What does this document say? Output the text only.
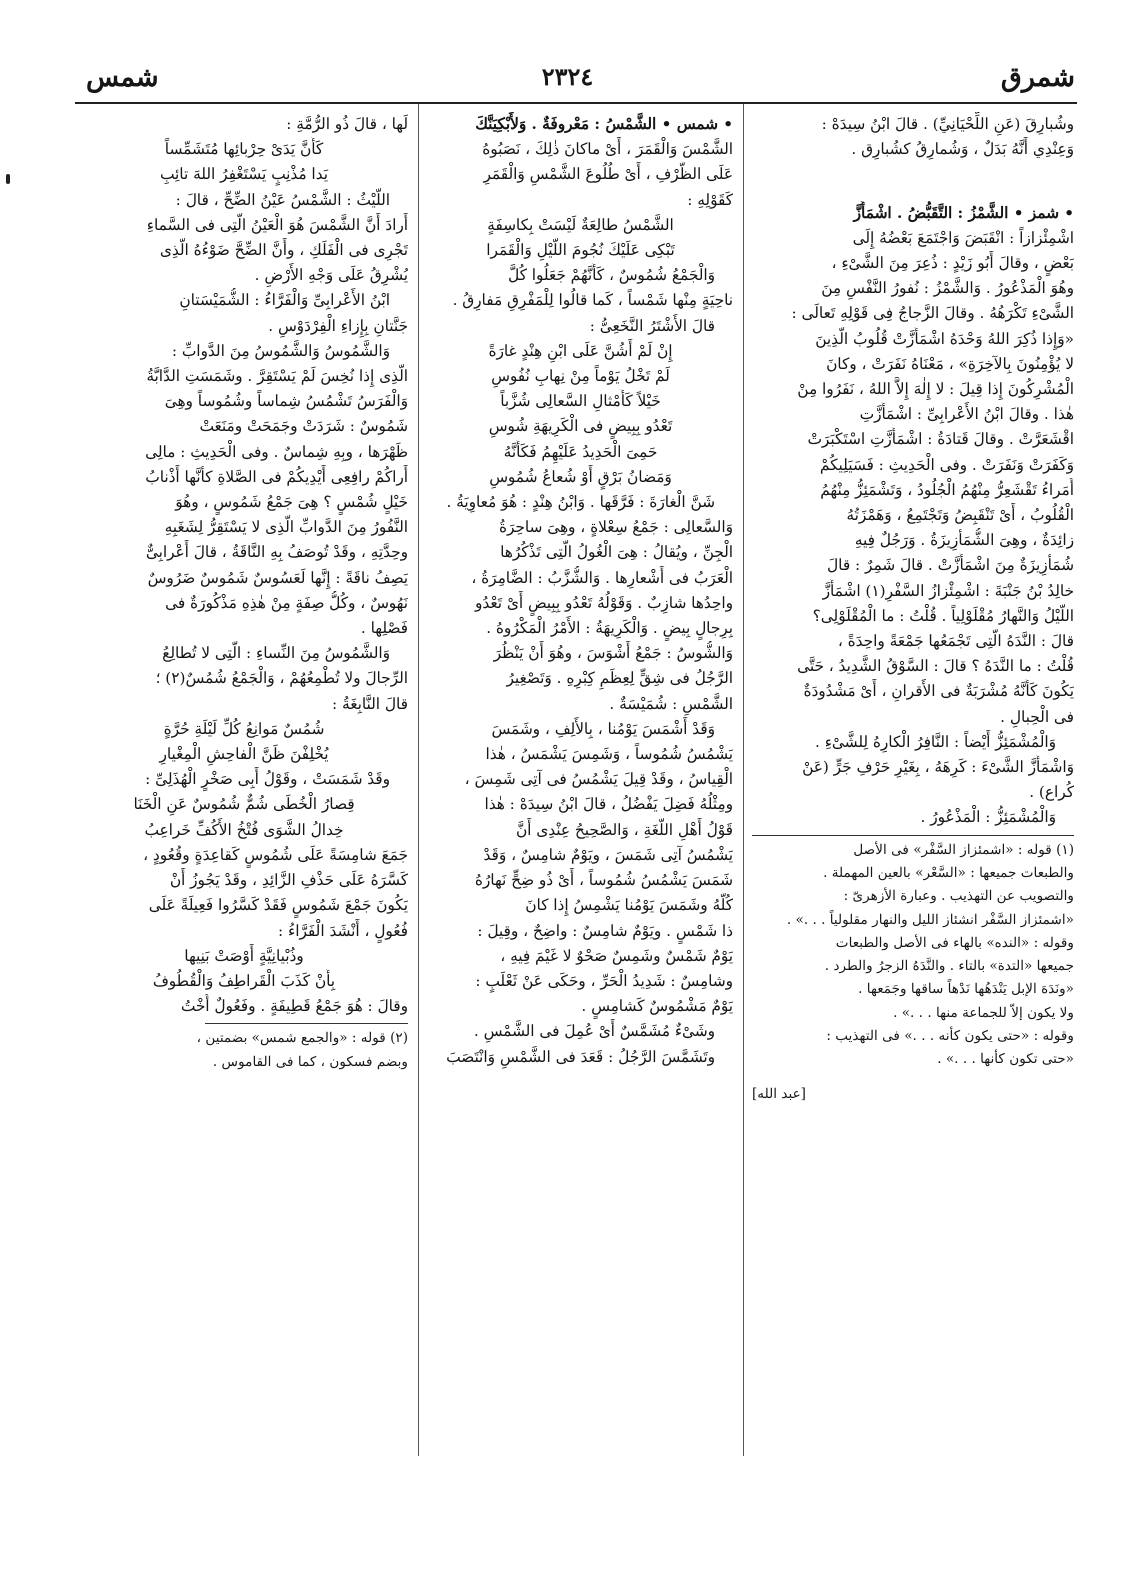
شمرق
٢٣٢٤
شمس

وشُبارِقَ (عَنِ اللِّحْيَانِيِّ) . قالَ ابْنُ سِيدَهْ :

وَعِنْدِي أَنَّهُ بَدَلٌ ، وَشُمارِقُ كشُبارِق .

• شمز • الشَّمْزُ : التَّقَبُّضُ . اشْمَأَزَّ

اشْمِئْزازاً : انْقَبَضَ وَاجْتَمَعَ بَعْضُهُ إِلَى

بَعْضٍ ، وقالَ أَبُو زَيْدٍ : ذُعِرَ مِنَ الشَّىْءِ ،

وهُوَ الْمَذْعُورُ . وَالشَّمْزُ : نُفورُ النَّفْسِ مِنَ

الشَّىْءِ تَكْرَهُهُ . وقالَ الزَّجاجُ فِى قَوْلِهِ تَعالَى :

«وَإِذا ذُكِرَ اللهُ وَحْدَهُ اشْمَأَزَّتْ قُلُوبُ الَّذِينَ

لا يُؤْمِنُونَ بِالآخِرَةِ» ، مَعْنَاهُ نَفَرَتْ ، وكانَ

الْمُشْرِكُونَ إِذا قِيلَ : لا إِلٰهَ إِلاَّ اللهُ ، نَفَرُوا مِنْ

هٰذا . وقالَ ابْنُ الأَعْرابِىِّ : اشْمَأَزَّتِ

اقْشَعَرَّتْ . وقالَ قَتادَةُ : اشْمَأَزَّتِ اسْتَكْبَرَتْ

وَكَفَرَتْ وَنَفَرَتْ . وفى الْحَدِيثِ : فَسَيَلِيكُمْ

أُمَراءُ تَقْشَعِرُّ مِنْهُمُ الْجُلُودُ ، وَتَشْمَئِزُّ مِنْهُمُ

الْقُلُوبُ ، أَىْ تَنْقَبِضُ وَتَجْتَمِعُ ، وَهَمْزَتُهُ

زائِدَةٌ ، وهِىَ الشُّمَأْزِيزَةُ . وَرَجُلٌ فِيهِ

شُمَأْزِيزَةٌ مِنَ اشْمَأَزَّتْ . قالَ شَمِرٌ : قالَ

خالِدُ بْنُ جَنْبَةَ : اشْمِئْزازُ السَّفْرِ(١) اشْمَأَزَّ

اللَّيْلُ وَالنَّهارُ مُقْلَوْلِياً . قُلْتُ : ما الْمُقْلَوْلِى؟

قالَ : النَّدَهُ الَّتِى تَجْمَعُها جَمْعَةً واحِدَةً ،

قُلْتُ : ما النَّدَهُ ؟ قالَ : السَّوْقُ الشَّدِيدُ ، حَتَّى

يَكُونَ كَأَنَّهُ مُشْرَبَةٌ فى الأَقرانِ ، أَىْ مَشْدُودَةٌ

فى الْحِبالِ .

وَالْمُشْمَئِزُّ أَيْضاً : النَّافِرُ الْكارِهُ لِلشَّىْءِ .

وَاشْمَأَزَّ الشَّىْءَ : كَرِهَهُ ، بِغَيْرِ حَرْفِ جَرٍّ (عَنْ

كُراع) .

وَالْمُشْمَئِزُّ : الْمَذْعُورُ .

(١) قوله : «اشمئزاز السَّفْر» فى الأصل

والطبعات جميعها : «السَّعْر» بالعين المهملة .

والتصويب عن التهذيب . وعبارة الأزهرىّ :

«اشمئزاز السَّفْر انشئاز الليل والنهار مقلولياً . . .» .

وقوله : «النده» بالهاء فى الأصل والطبعات

جميعها «التدة» بالتاء . والنَّدَهُ الزجرُ والطرد .

«ونَدَهَ الإبل يَنْدَهُها نَدْهاً ساقها وجَمَعها .

ولا يكون إلاّ للجماعة منها . . .» .

وقوله : «حتى يكون كأنه . . .» فى التهذيب :

«حتى تكون كأنها . . .» .

[عبد الله]

• شمس • الشَّمْسُ : مَعْروفَةٌ . وَلأَبْكِيَنَّكَ

الشَّمْسَ وَالْقَمَرَ ، أَىْ ماكانَ ذٰلِكَ ، نَصَبُوهُ

عَلَى الظَّرْفِ ، أَىْ طُلُوعَ الشَّمْسِ وَالْقَمَرِ

كَقَوْلِهِ :

الشَّمْسُ طالِعَةٌ لَيْسَتْ بِكاسِفَةٍ

تَبْكِى عَلَيْكَ نُجُومَ اللَّيْلِ وَالْقَمَرا

وَالْجَمْعُ شُمُوسٌ ، كَأَنَّهُمْ جَعَلُوا كُلَّ

ناحِيَةٍ مِنْها شَمْساً ، كَما قالُوا لِلْمَفْرِقِ مَفارِقُ .

قالَ الأَشْتَرُ النَّخَعِىُّ :

إِنْ لَمْ أَشُنَّ عَلَى ابْنِ هِنْدٍ غارَةً

لَمْ تَخْلُ يَوْماً مِنْ نِهابِ نُفُوسِ

خَيْلاً كَأَمْثالِ السَّعالِى شُزَّباً

تَعْدُو بِبِيضٍ فى الْكَرِيهَةِ شُوسِ

حَمِىَ الْحَدِيدُ عَلَيْهِمُ فَكَأَنَّهُ

وَمَضانُ بَرْقٍ أَوْ شُعاعُ شُمُوسِ

شَنَّ الْغارَةَ : فَرَّقَها . وَابْنُ هِنْدٍ : هُوَ مُعاوِيَةُ .

وَالسَّعالِى : جَمْعُ سِعْلاةٍ ، وهِىَ ساحِرَةُ

الْجِنِّ ، ويُقالُ : هِىَ الْغُولُ الَّتِى تَذْكُرُها

الْعَرَبُ فى أَشْعارِها . وَالشُّزَّبُ : الضَّامِرَةُ ،

واحِدُها شازِبٌ . وَقَوْلُهُ تَعْدُو بِبِيضٍ أَىْ تَعْدُو

بِرِجالٍ بِيضٍ . وَالْكَرِيهَةُ : الأَمْرُ الْمَكْرُوهُ .

وَالشُّوسُ : جَمْعُ أَشْوَسَ ، وهُوَ أَنْ يَنْظُرَ

الرَّجُلُ فى شِقٍّ لِعِظَمِ كِبْرِهِ . وَتَصْغِيرُ

الشَّمْسِ : شُمَيْسَةٌ .

وَقَدْ أَشْمَسَ يَوْمُنا ، بِالأَلِفِ ، وشَمَسَ

يَشْمُسُ شُمُوساً ، وَشَمِسَ يَشْمَسُ ، هٰذا

الْقِياسُ ، وقَدْ قِيلَ يَشْمُسُ فى آتِى شَمِسَ ،

ومِثْلُهُ فَضِلَ يَفْضُلُ ، قالَ ابْنُ سِيدَهْ : هٰذا

قَوْلُ أَهْلِ اللُّغَةِ ، وَالصَّحِيحُ عِنْدِى أَنَّ

يَشْمُسُ آتِى شَمَسَ ، ويَوْمٌ شامِسٌ ، وَقَدْ

شَمَسَ يَشْمُسُ شُمُوساً ، أَىْ ذُو ضِحٍّ نَهارُهُ

كُلُّهُ وشَمَسَ يَوْمُنا يَشْمِسُ إِذا كانَ

ذا شَمْسٍ . ويَوْمٌ شامِسٌ : واضِحٌ ، وقِيلَ :

يَوْمٌ شَمْسٌ وشَمِسٌ صَحْوٌ لا غَيْمَ فِيهِ ،

وشامِسٌ : شَدِيدُ الْحَرِّ ، وحَكَى عَنْ ثَعْلَبٍ :

يَوْمٌ مَشْمُوسٌ كَشامِسٍ .

وشَىْءٌ مُشَمَّسٌ أَىْ عُمِلَ فى الشَّمْسِ .

وتَشَمَّسَ الرَّجُلُ : قَعَدَ فى الشَّمْسِ وَانْتَصَبَ

لَها ، قالَ ذُو الرُّمَّةِ :

كَأَنَّ يَدَىْ حِرْبائِها مُتَشَمِّساً

يَدا مُذْنِبٍ يَسْتَغْفِرُ اللهَ تائِبِ

اللَّيْثُ : الشَّمْسُ عَيْنُ الضِّحِّ ، قالَ :

أَرادَ أَنَّ الشَّمْسَ هُوَ الْعَيْنُ الَّتِى فى السَّماءِ

تَجْرِى فى الْفَلَكِ ، وأَنَّ الضِّحَّ ضَوْءُهُ الَّذِى

يُشْرِقُ عَلَى وَجْهِ الأَرْضِ .

ابْنُ الأَعْرابِىِّ وَالْفَرَّاءُ : الشُّمَيْسَتانِ

جَنَّتانِ بِإِزاءِ الْفِرْدَوْسِ .

وَالشَّمُوسُ وَالشَّمُوسُ مِنَ الدَّوابِّ :

الَّذِى إِذا نُخِسَ لَمْ يَسْتَقِرَّ . وشَمَسَتِ الدَّابَّةُ

وَالْفَرَسُ تَشْمُسُ شِماساً وشُمُوساً وهِىَ

شَمُوسٌ : شَرَدَتْ وجَمَحَتْ ومَنَعَتْ

ظَهْرَها ، وبِهِ شِماسٌ . وفى الْحَدِيثِ : مالِى

أَراكُمْ رافِعِى أَيْدِيكُمْ فى الصَّلاةِ كأنَّها أَذْنابُ

خَيْلٍ شُمْسٍ ؟ هِىَ جَمْعُ شَمُوسٍ ، وهُوَ

النَّفُورُ مِنَ الدَّوابِّ الَّذِى لا يَسْتَقِرُّ لِشَغَبِهِ

وحِدَّتِهِ ، وقَدْ تُوصَفُ بِهِ النَّاقَةُ ، قالَ أَعْرابِىٌّ

يَصِفُ ناقَةً : إِنَّها لَعَسُوسٌ شَمُوسٌ ضَرُوسٌ

نَهُوسٌ ، وكُلُّ صِفَةٍ مِنْ هٰذِهِ مَذْكُورَةٌ فى

فَصْلِها .

وَالشَّمُوسُ مِنَ النِّساءِ : الَّتِى لا تُطالِعُ

الرِّجالَ ولا تُطْمِعُهُمْ ، وَالْجَمْعُ شُمُسٌ(٢) ؛

قالَ النَّابِغَةُ :

شُمُسٌ مَوانِعُ كُلِّ لَيْلَةِ حُرَّةٍ

يُخْلِفْنَ ظَنَّ الْفاحِشِ الْمِغْيارِ

وقَدْ شَمَسَتْ ، وقَوْلُ أَبِى صَخْرٍ الْهُذَلِىِّ :

قِصارُ الْخُطَى شُمٌّ شُمُوسٌ عَنِ الْخَنَا

خِدالُ الشَّوَى فُتْخُ الأَكُفِّ خَراعِبُ

جَمَعَ شامِسَةً عَلَى شُمُوسٍ كَقاعِدَةٍ وقُعُودٍ ،

كَسَّرَهُ عَلَى حَذْفِ الزَّائِدِ ، وقَدْ يَجُوزُ أَنْ

يَكُونَ جَمْعَ شَمُوسٍ فَقَدْ كَسَّرُوا فَعِيلَةً عَلَى

فُعُولٍ ، أَنْشَدَ الْفَرَّاءُ :

وذُبْيانِيَّةٍ أَوْصَتْ بَنِيها

بِأَنْ كَذَبَ الْقَراطِفُ وَالْقُطُوفُ

وقالَ : هُوَ جَمْعُ قَطِيفَةٍ . وفَعُولٌ أُخْتُ

(٢) قوله : «والجمع شمس» بضمتين ،

وبضم فسكون ، كما فى القاموس .
